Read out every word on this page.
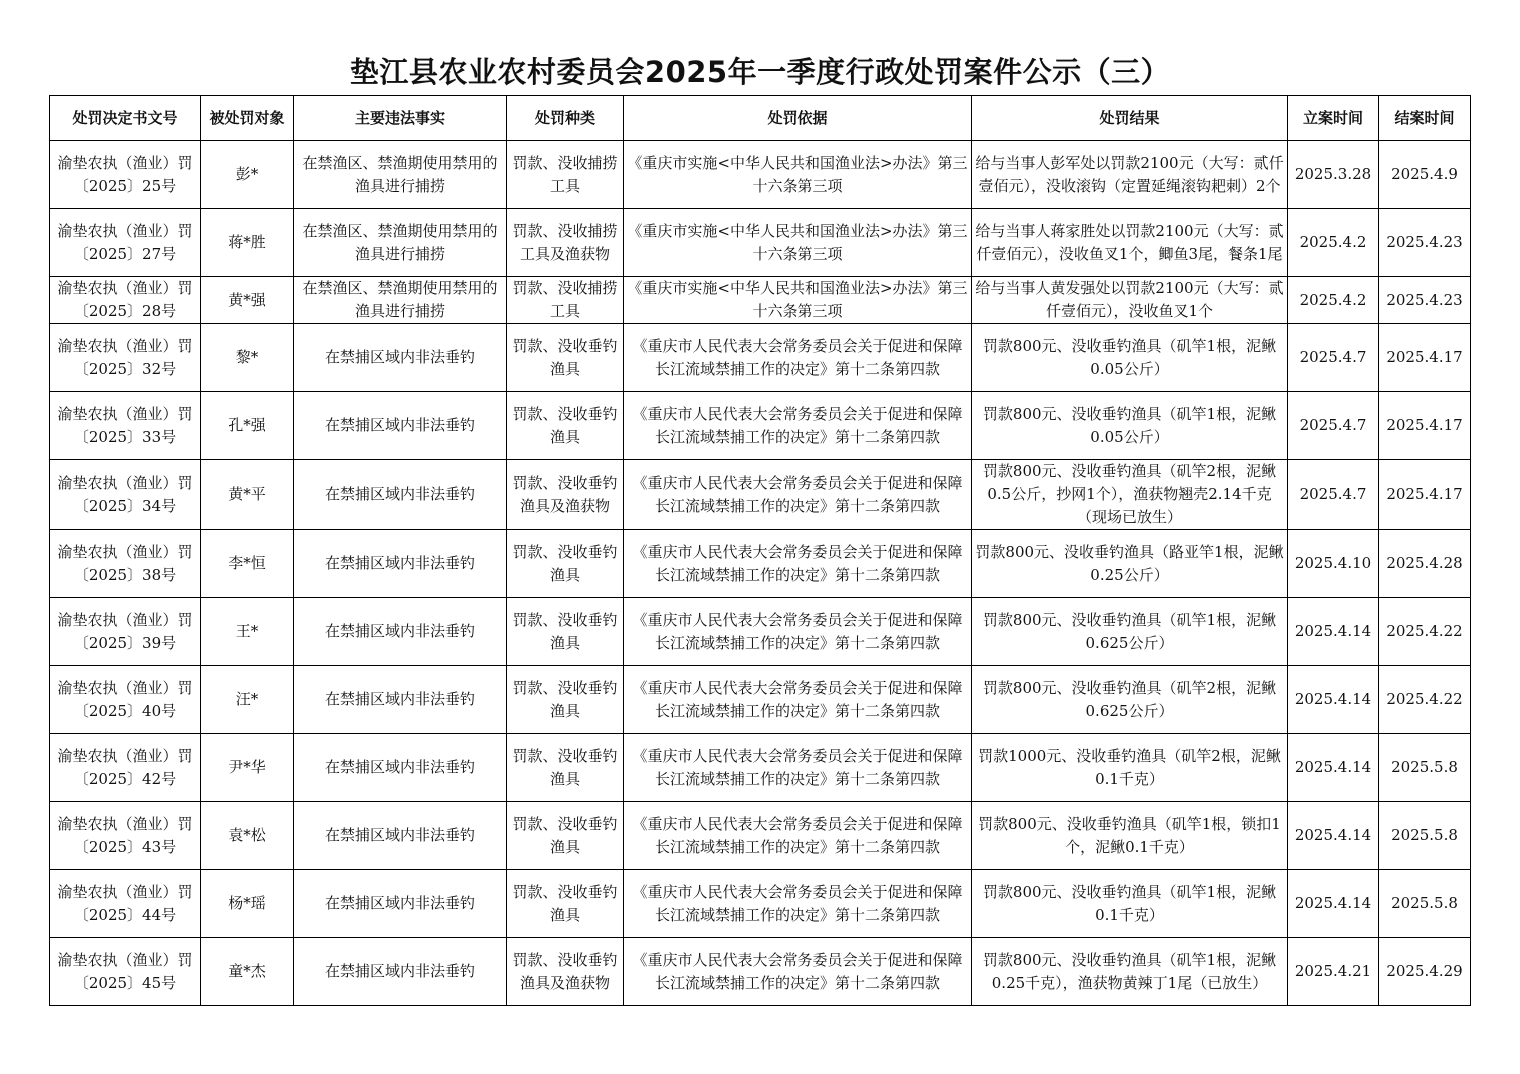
垫江县农业农村委员会2025年一季度行政处罚案件公示（三）
处罚决定书文号	被处罚对象	主要违法事实	处罚种类	处罚依据	处罚结果	立案时间	结案时间
渝垫农执（渔业）罚〔2025〕25号	彭*	在禁渔区、禁渔期使用禁用的渔具进行捕捞	罚款、没收捕捞工具	《重庆市实施<中华人民共和国渔业法>办法》第三十六条第三项	给与当事人彭军处以罚款2100元（大写：贰仟壹佰元），没收滚钩（定置延绳滚钩耙刺）2个	2025.3.28	2025.4.9
渝垫农执（渔业）罚〔2025〕27号	蒋*胜	在禁渔区、禁渔期使用禁用的渔具进行捕捞	罚款、没收捕捞工具及渔获物	《重庆市实施<中华人民共和国渔业法>办法》第三十六条第三项	给与当事人蒋家胜处以罚款2100元（大写：贰仟壹佰元），没收鱼叉1个，鲫鱼3尾，餐条1尾	2025.4.2	2025.4.23
渝垫农执（渔业）罚〔2025〕28号	黄*强	在禁渔区、禁渔期使用禁用的渔具进行捕捞	罚款、没收捕捞工具	《重庆市实施<中华人民共和国渔业法>办法》第三十六条第三项	给与当事人黄发强处以罚款2100元（大写：贰仟壹佰元），没收鱼叉1个	2025.4.2	2025.4.23
渝垫农执（渔业）罚〔2025〕32号	黎*	在禁捕区域内非法垂钓	罚款、没收垂钓渔具	《重庆市人民代表大会常务委员会关于促进和保障长江流域禁捕工作的决定》第十二条第四款	罚款800元、没收垂钓渔具（矶竿1根，泥鳅0.05公斤）	2025.4.7	2025.4.17
渝垫农执（渔业）罚〔2025〕33号	孔*强	在禁捕区域内非法垂钓	罚款、没收垂钓渔具	《重庆市人民代表大会常务委员会关于促进和保障长江流域禁捕工作的决定》第十二条第四款	罚款800元、没收垂钓渔具（矶竿1根，泥鳅0.05公斤）	2025.4.7	2025.4.17
渝垫农执（渔业）罚〔2025〕34号	黄*平	在禁捕区域内非法垂钓	罚款、没收垂钓渔具及渔获物	《重庆市人民代表大会常务委员会关于促进和保障长江流域禁捕工作的决定》第十二条第四款	罚款800元、没收垂钓渔具（矶竿2根，泥鳅0.5公斤，抄网1个），渔获物翘壳2.14千克（现场已放生）	2025.4.7	2025.4.17
渝垫农执（渔业）罚〔2025〕38号	李*恒	在禁捕区域内非法垂钓	罚款、没收垂钓渔具	《重庆市人民代表大会常务委员会关于促进和保障长江流域禁捕工作的决定》第十二条第四款	罚款800元、没收垂钓渔具（路亚竿1根，泥鳅0.25公斤）	2025.4.10	2025.4.28
渝垫农执（渔业）罚〔2025〕39号	王*	在禁捕区域内非法垂钓	罚款、没收垂钓渔具	《重庆市人民代表大会常务委员会关于促进和保障长江流域禁捕工作的决定》第十二条第四款	罚款800元、没收垂钓渔具（矶竿1根，泥鳅0.625公斤）	2025.4.14	2025.4.22
渝垫农执（渔业）罚〔2025〕40号	汪*	在禁捕区域内非法垂钓	罚款、没收垂钓渔具	《重庆市人民代表大会常务委员会关于促进和保障长江流域禁捕工作的决定》第十二条第四款	罚款800元、没收垂钓渔具（矶竿2根，泥鳅0.625公斤）	2025.4.14	2025.4.22
渝垫农执（渔业）罚〔2025〕42号	尹*华	在禁捕区域内非法垂钓	罚款、没收垂钓渔具	《重庆市人民代表大会常务委员会关于促进和保障长江流域禁捕工作的决定》第十二条第四款	罚款1000元、没收垂钓渔具（矶竿2根，泥鳅0.1千克）	2025.4.14	2025.5.8
渝垫农执（渔业）罚〔2025〕43号	袁*松	在禁捕区域内非法垂钓	罚款、没收垂钓渔具	《重庆市人民代表大会常务委员会关于促进和保障长江流域禁捕工作的决定》第十二条第四款	罚款800元、没收垂钓渔具（矶竿1根，锁扣1个，泥鳅0.1千克）	2025.4.14	2025.5.8
渝垫农执（渔业）罚〔2025〕44号	杨*瑶	在禁捕区域内非法垂钓	罚款、没收垂钓渔具	《重庆市人民代表大会常务委员会关于促进和保障长江流域禁捕工作的决定》第十二条第四款	罚款800元、没收垂钓渔具（矶竿1根，泥鳅0.1千克）	2025.4.14	2025.5.8
渝垫农执（渔业）罚〔2025〕45号	童*杰	在禁捕区域内非法垂钓	罚款、没收垂钓渔具及渔获物	《重庆市人民代表大会常务委员会关于促进和保障长江流域禁捕工作的决定》第十二条第四款	罚款800元、没收垂钓渔具（矶竿1根，泥鳅0.25千克），渔获物黄辣丁1尾（已放生）	2025.4.21	2025.4.29
